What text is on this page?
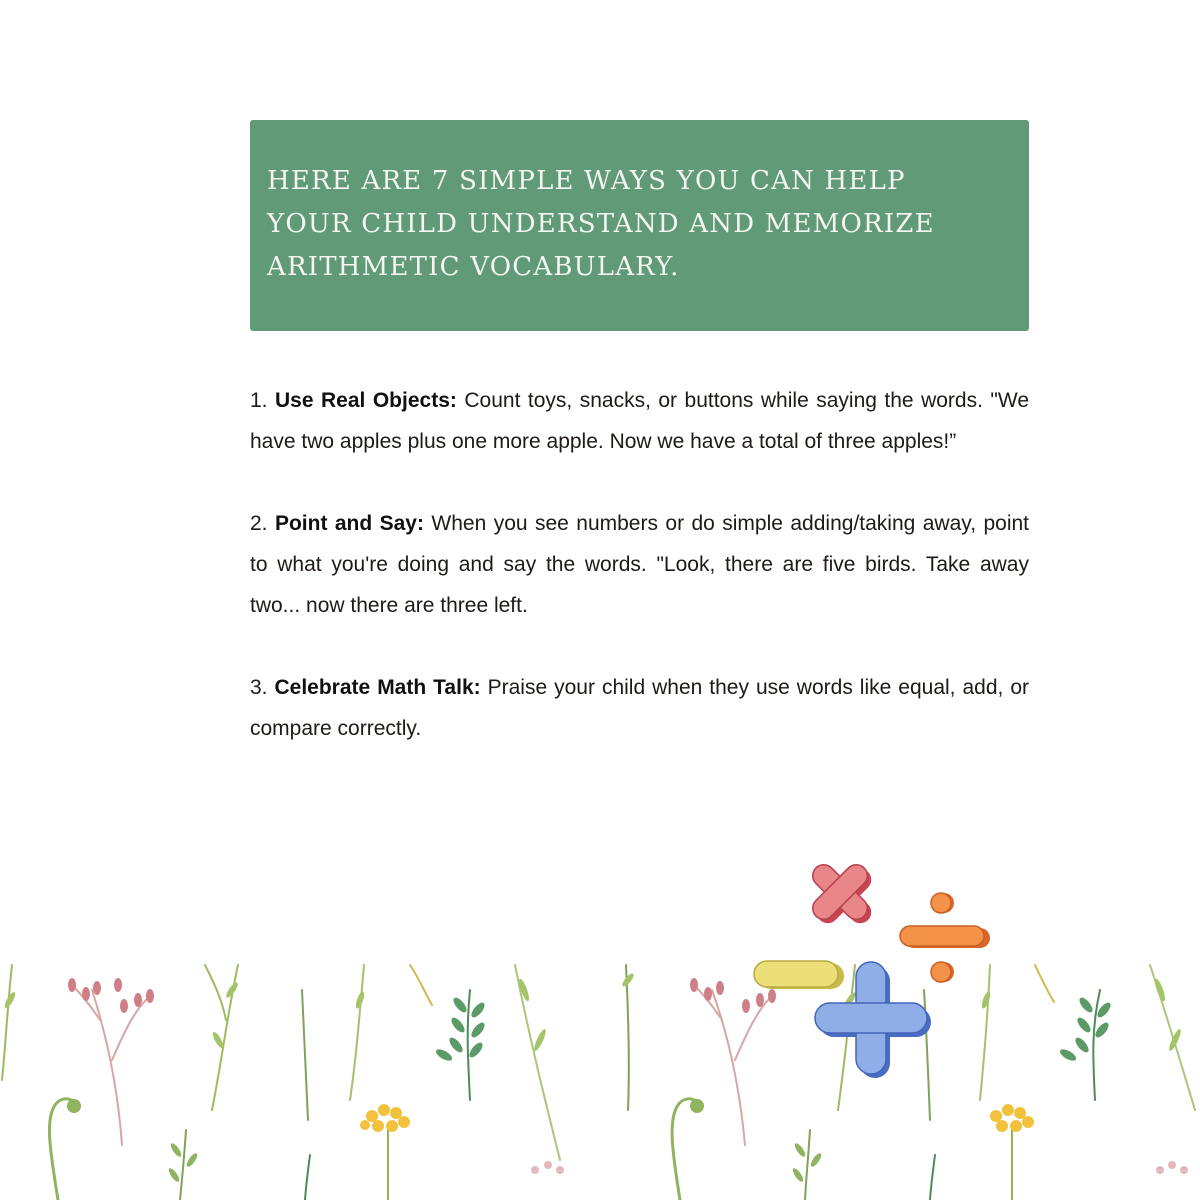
HERE ARE 7 SIMPLE WAYS YOU CAN HELP YOUR CHILD UNDERSTAND AND MEMORIZE ARITHMETIC VOCABULARY.
1. Use Real Objects: Count toys, snacks, or buttons while saying the words. "We have two apples plus one more apple. Now we have a total of three apples!”
2. Point and Say: When you see numbers or do simple adding/taking away, point to what you're doing and say the words. "Look, there are five birds. Take away two... now there are three left.
3. Celebrate Math Talk: Praise your child when they use words like equal, add, or compare correctly.
